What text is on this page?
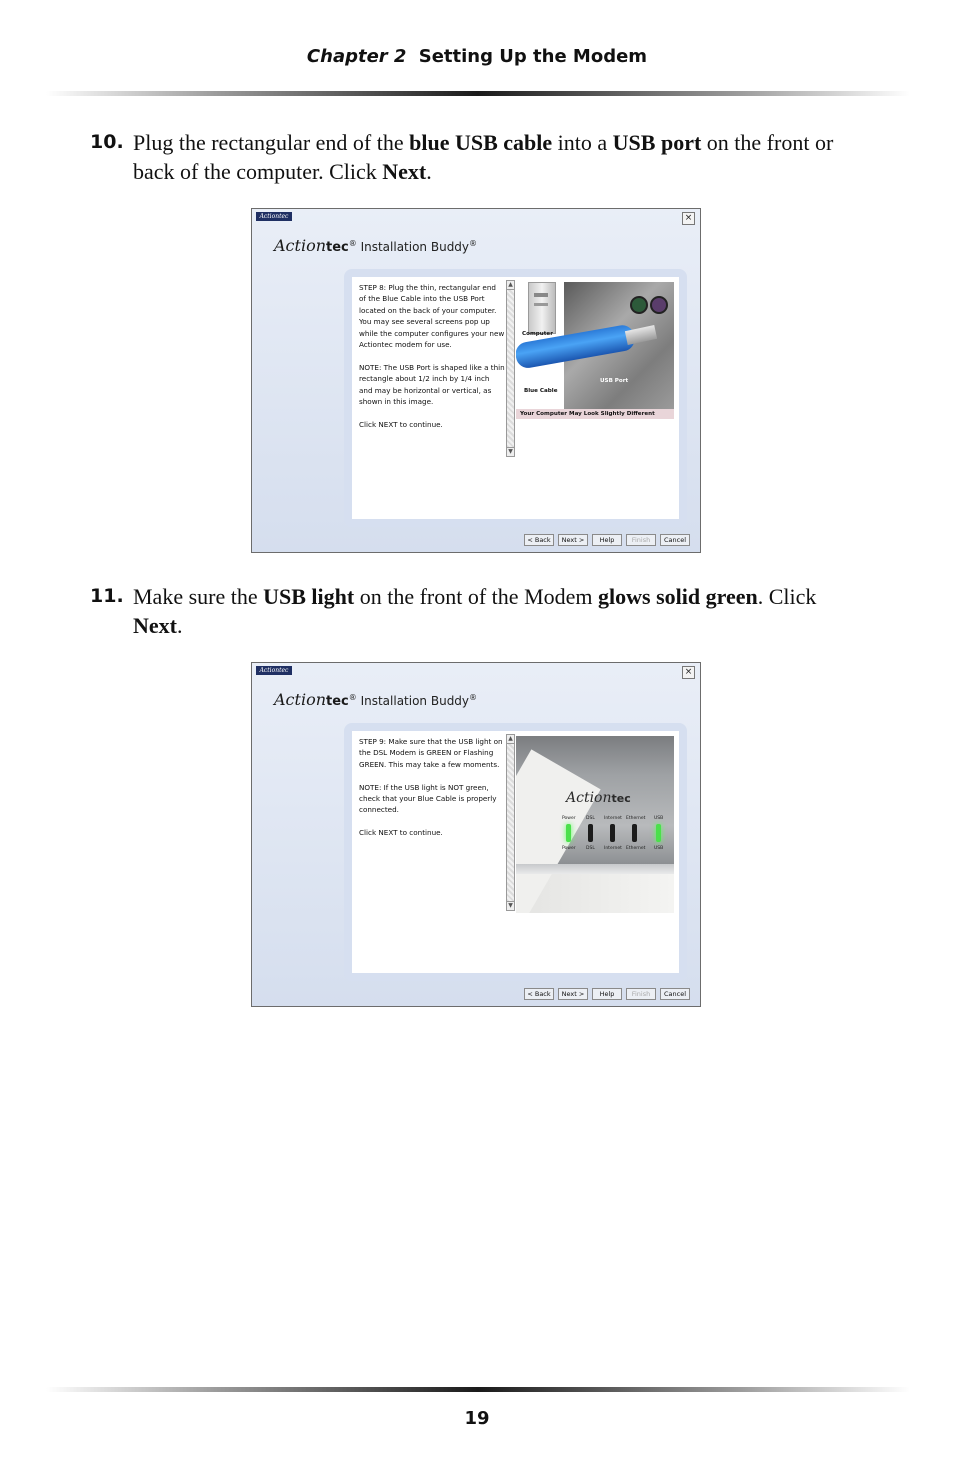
Chapter 2 Setting Up the Modem
10. Plug the rectangular end of the blue USB cable into a USB port on the front or back of the computer. Click Next.
Actiontec	×
Actiontec® Installation Buddy®
STEP 8: Plug the thin, rectangular end of the Blue Cable into the USB Port located on the back of your computer. You may see several screens pop up while the computer configures your new Actiontec modem for use.

NOTE: The USB Port is shaped like a thin rectangle about 1/2 inch by 1/4 inch and may be horizontal or vertical, as shown in this image.

Click NEXT to continue.
▲
▼
Computer
Blue Cable
USB Port
Your Computer May Look Slightly Different
< Back	Next >	Help	Finish	Cancel
11. Make sure the USB light on the front of the Modem glows solid green. Click Next.
Actiontec	×
Actiontec® Installation Buddy®
STEP 9: Make sure that the USB light on the DSL Modem is GREEN or Flashing GREEN. This may take a few moments.

NOTE: If the USB light is NOT green, check that your Blue Cable is properly connected.

Click NEXT to continue.
▲
▼
Actiontec
Power DSL Internet Ethernet USB
Power DSL Internet Ethernet USB
< Back	Next >	Help	Finish	Cancel
19
